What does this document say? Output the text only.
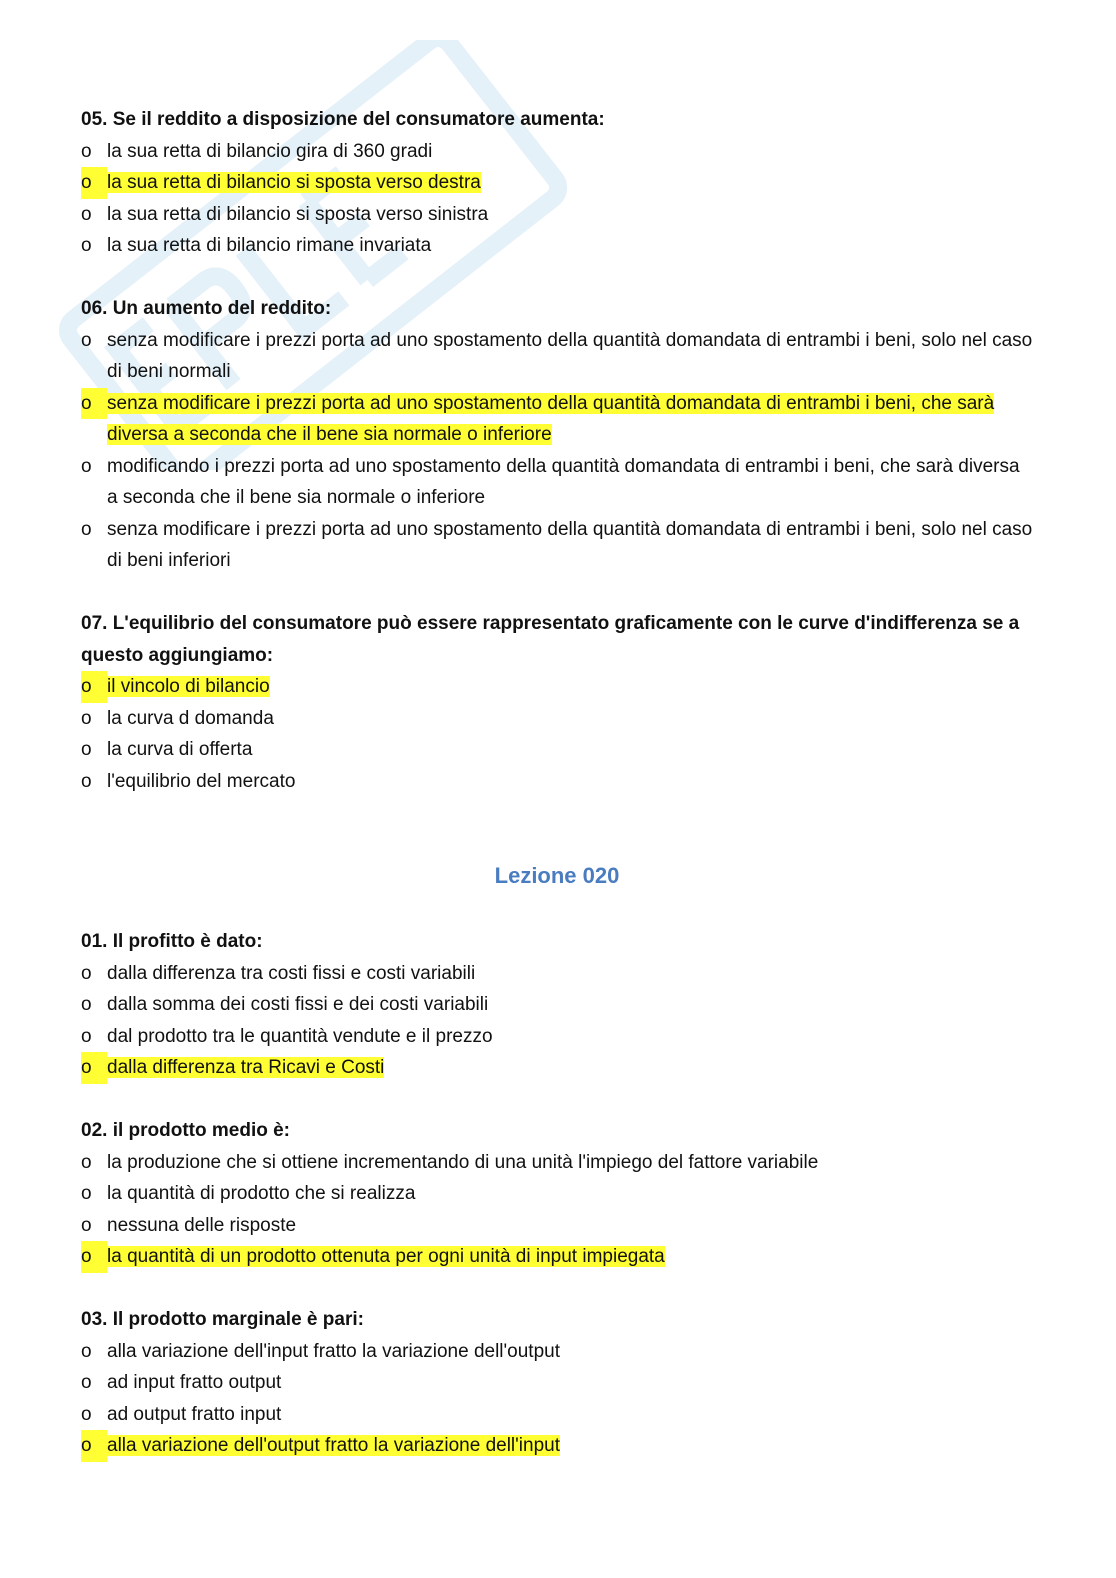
05. Se il reddito a disposizione del consumatore aumenta:
o la sua retta di bilancio gira di 360 gradi
o la sua retta di bilancio si sposta verso destra
o la sua retta di bilancio si sposta verso sinistra
o la sua retta di bilancio rimane invariata
06. Un aumento del reddito:
o senza modificare i prezzi porta ad uno spostamento della quantità domandata di entrambi i beni, solo nel caso di beni normali
o senza modificare i prezzi porta ad uno spostamento della quantità domandata di entrambi i beni, che sarà diversa a seconda che il bene sia normale o inferiore
o modificando i prezzi porta ad uno spostamento della quantità domandata di entrambi i beni, che sarà diversa a seconda che il bene sia normale o inferiore
o senza modificare i prezzi porta ad uno spostamento della quantità domandata di entrambi i beni, solo nel caso di beni inferiori
07. L'equilibrio del consumatore può essere rappresentato graficamente con le curve d'indifferenza se a questo aggiungiamo:
o il vincolo di bilancio
o la curva d domanda
o la curva di offerta
o l'equilibrio del mercato
Lezione 020
01. Il profitto è dato:
o dalla differenza tra costi fissi e costi variabili
o dalla somma dei costi fissi e dei costi variabili
o dal prodotto tra le quantità vendute e il prezzo
o dalla differenza tra Ricavi e Costi
02. il prodotto medio è:
o la produzione che si ottiene incrementando di una unità l'impiego del fattore variabile
o la quantità di prodotto che si realizza
o nessuna delle risposte
o la quantità di un prodotto ottenuta per ogni unità di input impiegata
03. Il prodotto marginale è pari:
o alla variazione dell'input fratto la variazione dell'output
o ad input fratto output
o ad output fratto input
o alla variazione dell'output fratto la variazione dell'input
